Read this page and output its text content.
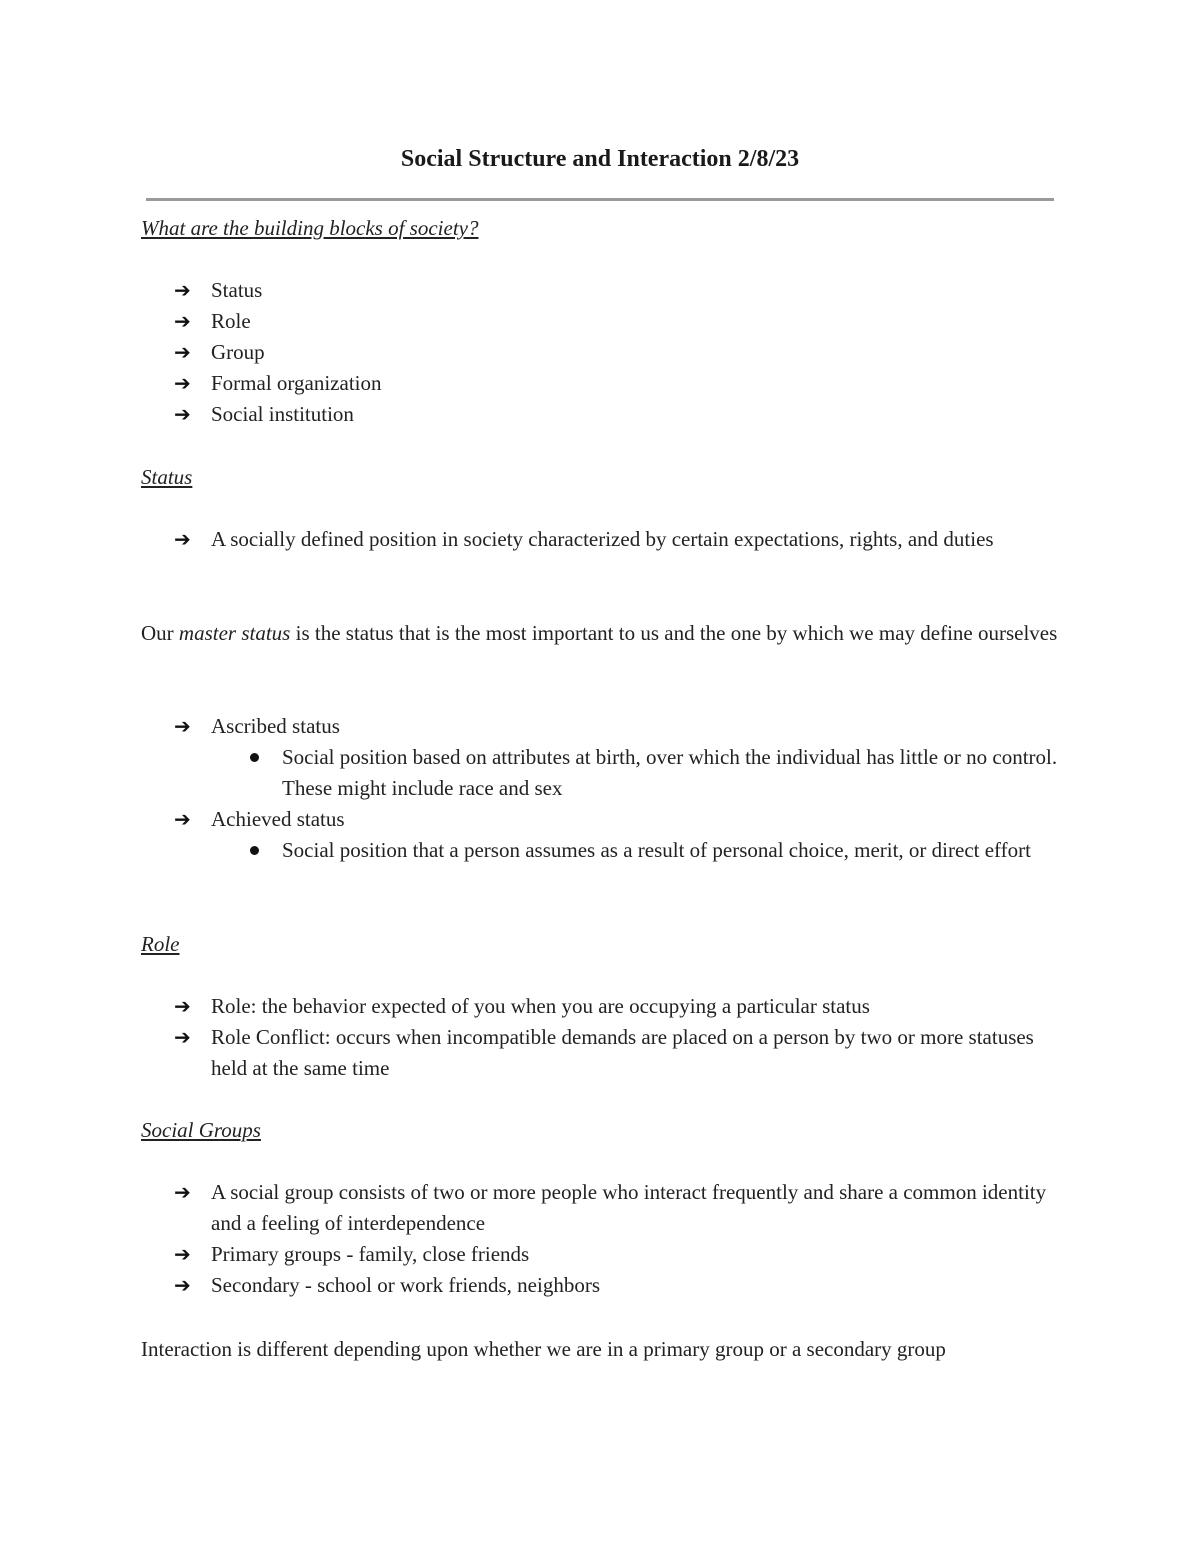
Social Structure and Interaction 2/8/23
What are the building blocks of society?
➔ Status
➔ Role
➔ Group
➔ Formal organization
➔ Social institution
Status
➔ A socially defined position in society characterized by certain expectations, rights, and duties
Our master status is the status that is the most important to us and the one by which we may define ourselves
➔ Ascribed status
Social position based on attributes at birth, over which the individual has little or no control. These might include race and sex
➔ Achieved status
Social position that a person assumes as a result of personal choice, merit, or direct effort
Role
➔ Role: the behavior expected of you when you are occupying a particular status
➔ Role Conflict: occurs when incompatible demands are placed on a person by two or more statuses held at the same time
Social Groups
➔ A social group consists of two or more people who interact frequently and share a common identity and a feeling of interdependence
➔ Primary groups - family, close friends
➔ Secondary - school or work friends, neighbors
Interaction is different depending upon whether we are in a primary group or a secondary group
